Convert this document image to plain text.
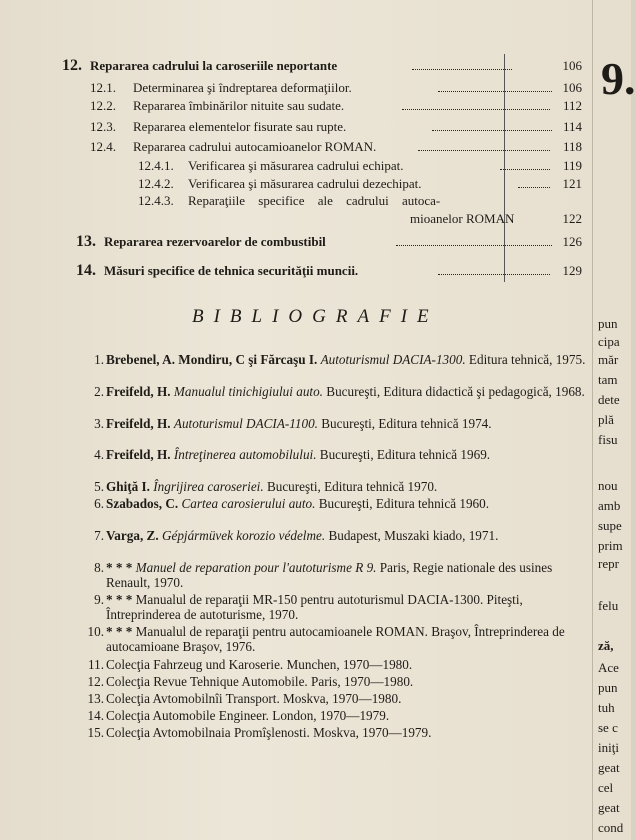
12. Repararea cadrului la caroseriile neportante	106
12.1. Determinarea şi îndreptarea deformaţiilor.	106
12.2. Repararea îmbinărilor nituite sau sudate.	112
12.3. Repararea elementelor fisurate sau rupte.	114
12.4. Repararea cadrului autocamioanelor ROMAN.	118
12.4.1. Verificarea şi măsurarea cadrului echipat.	119
12.4.2. Verificarea şi măsurarea cadrului dezechipat.	121
12.4.3. Reparaţiile specifice ale cadrului autoca-
mioanelor ROMAN	122
13. Repararea rezervoarelor de combustibil	126
14. Măsuri specifice de tehnica securităţii muncii.	129
BIBLIOGRAFIE
1. Brebenel, A. Mondiru, C şi Fărcaşu I. Autoturismul DACIA-1300. Editura tehnică, 1975.
2. Freifeld, H. Manualul tinichigiului auto. Bucureşti, Editura didactică şi pedagogică, 1968.
3. Freifeld, H. Autoturismul DACIA-1100. Bucureşti, Editura tehnică 1974.
4. Freifeld, H. Întreţinerea automobilului. Bucureşti, Editura tehnică 1969.
5. Ghiţă I. Îngrijirea caroseriei. Bucureşti, Editura tehnică 1970.
6. Szabados, C. Cartea carosierului auto. Bucureşti, Editura tehnică 1960.
7. Varga, Z. Gépjármüvek korozio védelme. Budapest, Muszaki kiado, 1971.
8. * * * Manuel de reparation pour l'autoturisme R 9. Paris, Regie nationale des usines Renault, 1970.
9. * * * Manualul de reparaţii MR-150 pentru autoturismul DACIA-1300. Piteşti, Întreprinderea de autoturisme, 1970.
10. * * * Manualul de reparaţii pentru autocamioanele ROMAN. Braşov, Întreprinderea de autocamioane Braşov, 1976.
11. Colecţia Fahrzeug und Karoserie. Munchen, 1970—1980.
12. Colecţia Revue Tehnique Automobile. Paris, 1970—1980.
13. Colecţia Avtomobilnîi Transport. Moskva, 1970—1980.
14. Colecţia Automobile Engineer. London, 1970—1979.
15. Colecţia Avtomobilnaia Promîşlenosti. Moskva, 1970—1979.
9.
pun
cipa
măr
tam
dete
plă
fisu
nou
amb
supe
prim
repr
felu
ză,
Ace
pun
tuh
se c
iniţi
geat
cel
geat
cond
